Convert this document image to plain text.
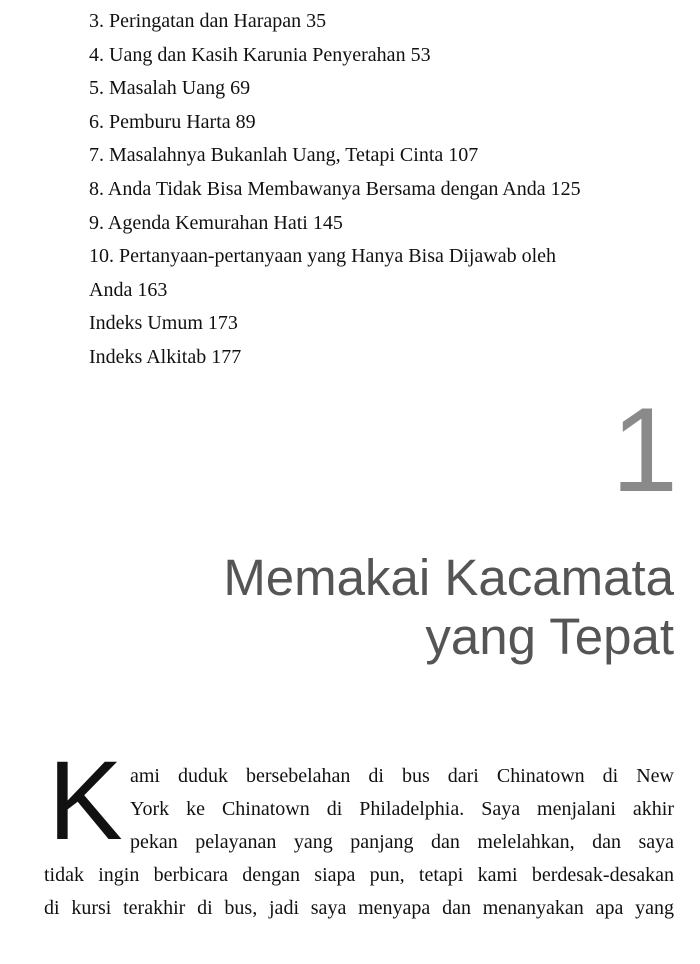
3. Peringatan dan Harapan 35
4. Uang dan Kasih Karunia Penyerahan 53
5. Masalah Uang 69
6. Pemburu Harta 89
7. Masalahnya Bukanlah Uang, Tetapi Cinta 107
8. Anda Tidak Bisa Membawanya Bersama dengan Anda 125
9. Agenda Kemurahan Hati 145
10. Pertanyaan-pertanyaan yang Hanya Bisa Dijawab oleh
Anda 163
Indeks Umum 173
Indeks Alkitab 177
1
Memakai Kacamata
yang Tepat
K ami duduk bersebelahan di bus dari Chinatown di New
York ke Chinatown di Philadelphia. Saya menjalani akhir
pekan pelayanan yang panjang dan melelahkan, dan saya
tidak ingin berbicara dengan siapa pun, tetapi kami berdesak-desakan
di kursi terakhir di bus, jadi saya menyapa dan menanyakan apa yang
